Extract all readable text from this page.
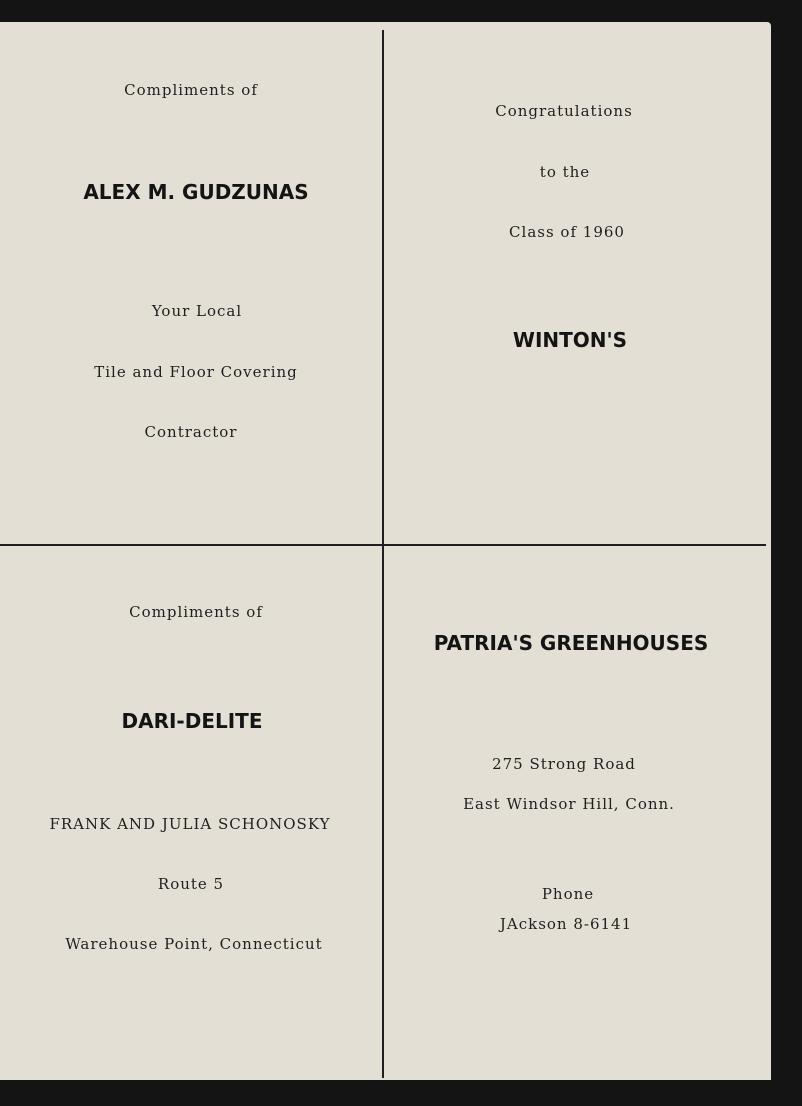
Compliments of
ALEX M. GUDZUNAS
Your Local
Tile and Floor Covering
Contractor
Congratulations
to the
Class of 1960
WINTON'S
Compliments of
DARI-DELITE
FRANK AND JULIA SCHONOSKY
Route 5
Warehouse Point, Connecticut
PATRIA'S GREENHOUSES
275 Strong Road
East Windsor Hill, Conn.
Phone
JAckson 8-6141
